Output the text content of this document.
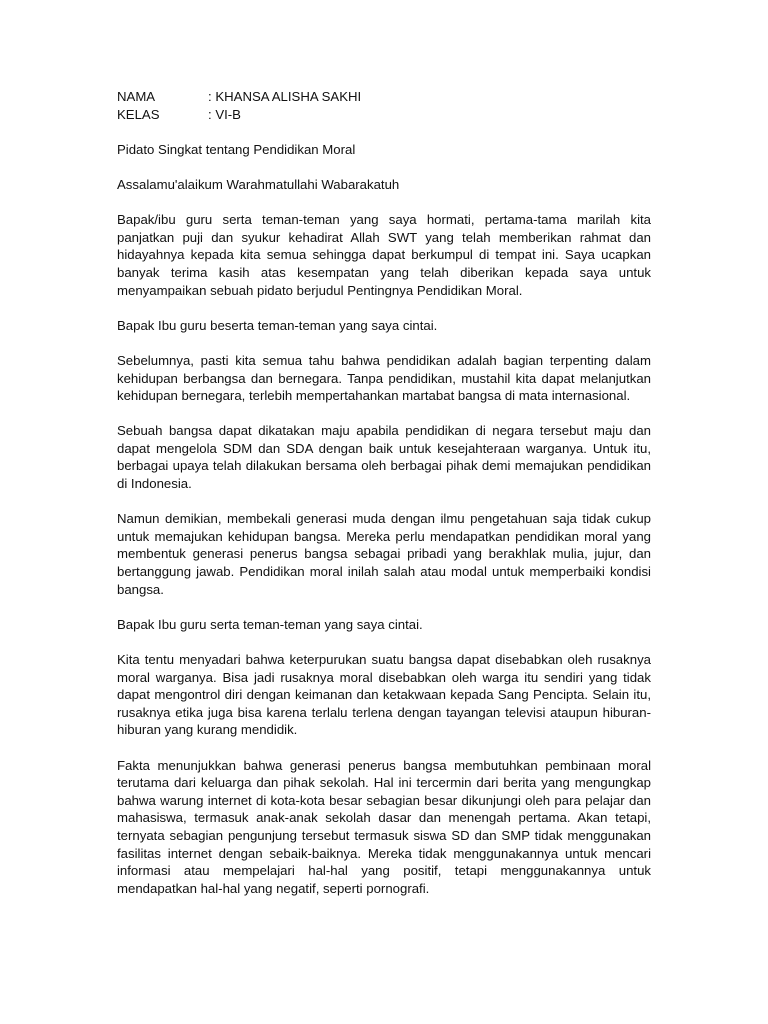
NAMA	: KHANSA ALISHA SAKHI
KELAS	: VI-B
Pidato Singkat tentang Pendidikan Moral
Assalamu'alaikum Warahmatullahi Wabarakatuh

Bapak/ibu guru serta teman-teman yang saya hormati, pertama-tama marilah kita panjatkan puji dan syukur kehadirat Allah SWT yang telah memberikan rahmat dan hidayahnya kepada kita semua sehingga dapat berkumpul di tempat ini. Saya ucapkan banyak terima kasih atas kesempatan yang telah diberikan kepada saya untuk menyampaikan sebuah pidato berjudul Pentingnya Pendidikan Moral.

Bapak Ibu guru beserta teman-teman yang saya cintai.

Sebelumnya, pasti kita semua tahu bahwa pendidikan adalah bagian terpenting dalam kehidupan berbangsa dan bernegara. Tanpa pendidikan, mustahil kita dapat melanjutkan kehidupan bernegara, terlebih mempertahankan martabat bangsa di mata internasional.

Sebuah bangsa dapat dikatakan maju apabila pendidikan di negara tersebut maju dan dapat mengelola SDM dan SDA dengan baik untuk kesejahteraan warganya. Untuk itu, berbagai upaya telah dilakukan bersama oleh berbagai pihak demi memajukan pendidikan di Indonesia.

Namun demikian, membekali generasi muda dengan ilmu pengetahuan saja tidak cukup untuk memajukan kehidupan bangsa. Mereka perlu mendapatkan pendidikan moral yang membentuk generasi penerus bangsa sebagai pribadi yang berakhlak mulia, jujur, dan bertanggung jawab. Pendidikan moral inilah salah atau modal untuk memperbaiki kondisi bangsa.

Bapak Ibu guru serta teman-teman yang saya cintai.

Kita tentu menyadari bahwa keterpurukan suatu bangsa dapat disebabkan oleh rusaknya moral warganya. Bisa jadi rusaknya moral disebabkan oleh warga itu sendiri yang tidak dapat mengontrol diri dengan keimanan dan ketakwaan kepada Sang Pencipta. Selain itu, rusaknya etika juga bisa karena terlalu terlena dengan tayangan televisi ataupun hiburan-hiburan yang kurang mendidik.

Fakta menunjukkan bahwa generasi penerus bangsa membutuhkan pembinaan moral terutama dari keluarga dan pihak sekolah. Hal ini tercermin dari berita yang mengungkap bahwa warung internet di kota-kota besar sebagian besar dikunjungi oleh para pelajar dan mahasiswa, termasuk anak-anak sekolah dasar dan menengah pertama. Akan tetapi, ternyata sebagian pengunjung tersebut termasuk siswa SD dan SMP tidak menggunakan fasilitas internet dengan sebaik-baiknya. Mereka tidak menggunakannya untuk mencari informasi atau mempelajari hal-hal yang positif, tetapi menggunakannya untuk mendapatkan hal-hal yang negatif, seperti pornografi.
